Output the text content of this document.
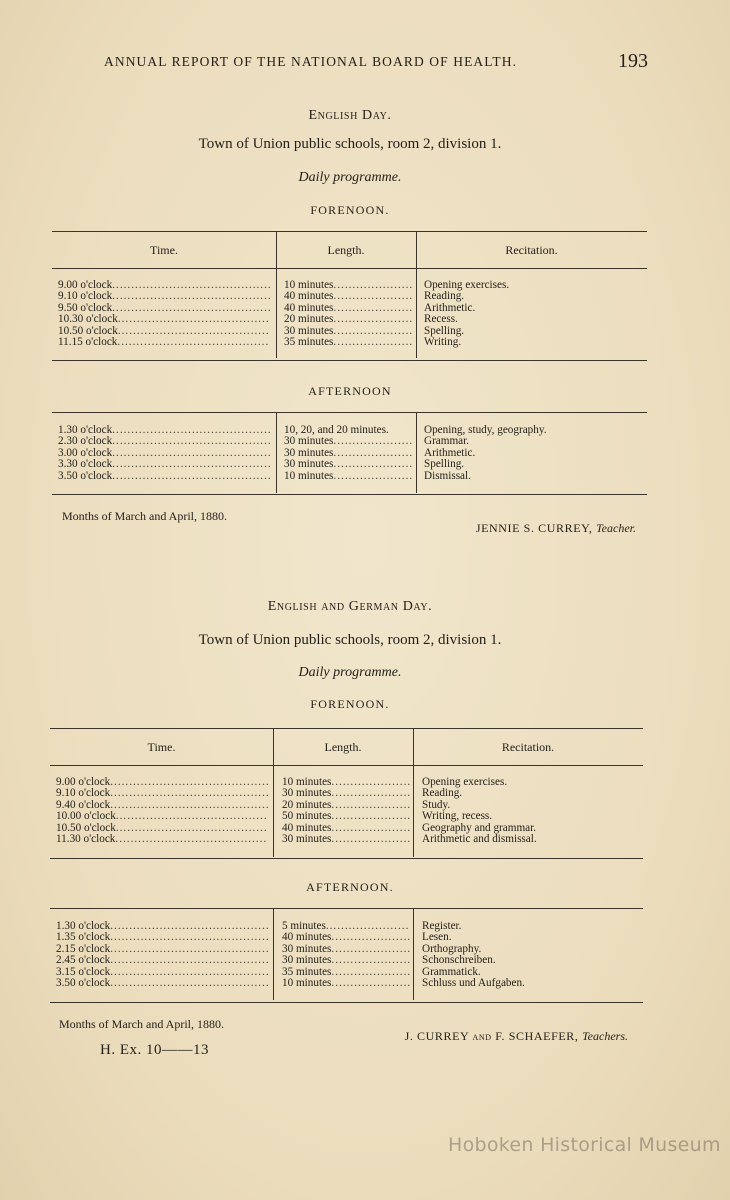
ANNUAL REPORT OF THE NATIONAL BOARD OF HEALTH.	193
English Day.
Town of Union public schools, room 2, division 1.
Daily programme.
FORENOON.
Time.	Length.	Recitation.
9.00 o'clock .....	10 minutes .....	Opening exercises.
9.10 o'clock .....	40 minutes .....	Reading.
9.50 o'clock .....	40 minutes .....	Arithmetic.
10.30 o'clock .....	20 minutes .....	Recess.
10.50 o'clock .....	30 minutes .....	Spelling.
11.15 o'clock .....	35 minutes .....	Writing.
AFTERNOON
1.30 o'clock .....	10, 20, and 20 minutes.	Opening, study, geography.
2.30 o'clock .....	30 minutes .....	Grammar.
3.00 o'clock .....	30 minutes .....	Arithmetic.
3.30 o'clock .....	30 minutes .....	Spelling.
3.50 o'clock .....	10 minutes .....	Dismissal.
Months of March and April, 1880.
JENNIE S. CURREY, Teacher.
English and German Day.
Town of Union public schools, room 2, division 1.
Daily programme.
FORENOON.
Time.	Length.	Recitation.
9.00 o'clock .....	10 minutes .....	Opening exercises.
9.10 o'clock .....	30 minutes .....	Reading.
9.40 o'clock .....	20 minutes .....	Study.
10.00 o'clock .....	50 minutes .....	Writing, recess.
10.50 o'clock .....	40 minutes .....	Geography and grammar.
11.30 o'clock .....	30 minutes .....	Arithmetic and dismissal.
AFTERNOON.
1.30 o'clock .....	5 minutes .....	Register.
1.35 o'clock .....	40 minutes .....	Lesen.
2.15 o'clock .....	30 minutes .....	Orthography.
2.45 o'clock .....	30 minutes .....	Schonschreiben.
3.15 o'clock .....	35 minutes .....	Grammatick.
3.50 o'clock .....	10 minutes .....	Schluss und Aufgaben.
Months of March and April, 1880.
J. CURREY and F. SCHAEFER, Teachers.
H. Ex. 10——13
Hoboken Historical Museum
